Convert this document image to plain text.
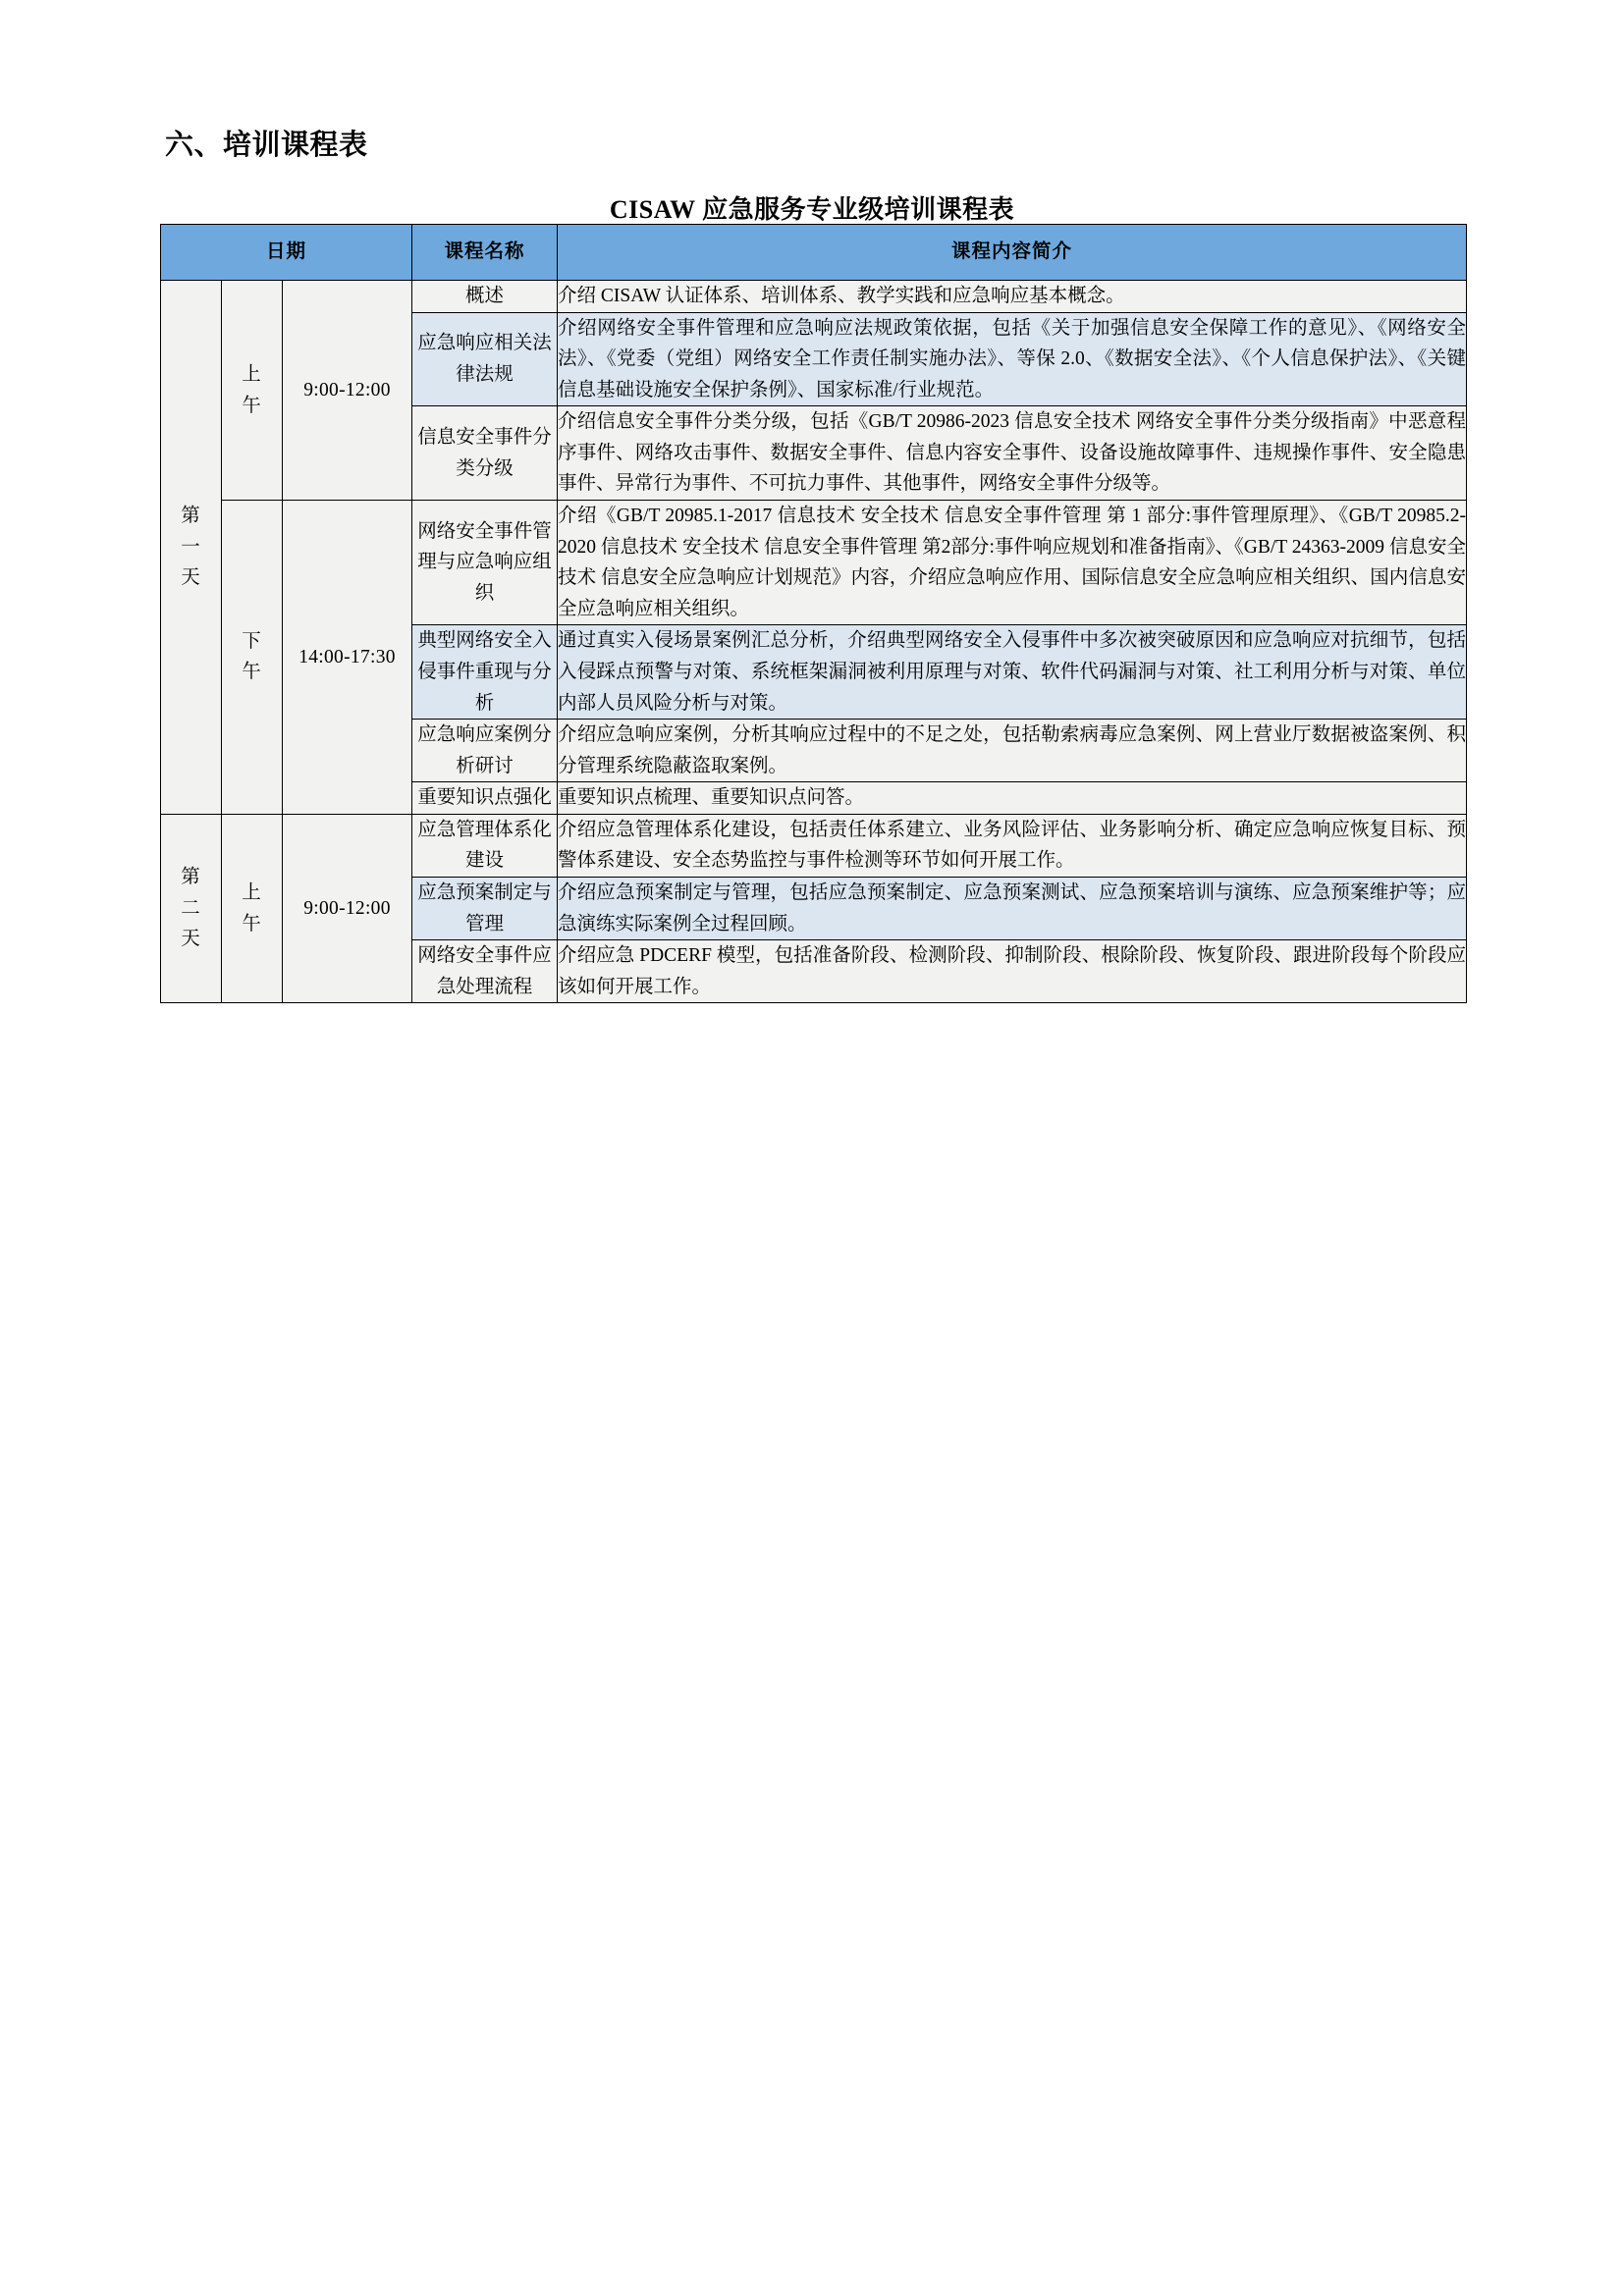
六、培训课程表
CISAW 应急服务专业级培训课程表
日期			课程名称	课程内容简介
第一天	上午	9:00-12:00	概述	介绍 CISAW 认证体系、培训体系、教学实践和应急响应基本概念。
			应急响应相关法律法规	介绍网络安全事件管理和应急响应法规政策依据，包括《关于加强信息安全保障工作的意见》、《网络安全法》、《党委（党组）网络安全工作责任制实施办法》、等保 2.0、《数据安全法》、《个人信息保护法》、《关键信息基础设施安全保护条例》、国家标准/行业规范。
			信息安全事件分类分级	介绍信息安全事件分类分级，包括《GB/T 20986-2023 信息安全技术 网络安全事件分类分级指南》中恶意程序事件、网络攻击事件、数据安全事件、信息内容安全事件、设备设施故障事件、违规操作事件、安全隐患事件、异常行为事件、不可抗力事件、其他事件，网络安全事件分级等。
	下午	14:00-17:30	网络安全事件管理与应急响应组织	介绍《GB/T 20985.1-2017 信息技术 安全技术 信息安全事件管理 第 1 部分:事件管理原理》、《GB/T 20985.2-2020 信息技术 安全技术 信息安全事件管理 第2部分:事件响应规划和准备指南》、《GB/T 24363-2009 信息安全技术 信息安全应急响应计划规范》内容，介绍应急响应作用、国际信息安全应急响应相关组织、国内信息安全应急响应相关组织。
			典型网络安全入侵事件重现与分析	通过真实入侵场景案例汇总分析，介绍典型网络安全入侵事件中多次被突破原因和应急响应对抗细节，包括入侵踩点预警与对策、系统框架漏洞被利用原理与对策、软件代码漏洞与对策、社工利用分析与对策、单位内部人员风险分析与对策。
			应急响应案例分析研讨	介绍应急响应案例，分析其响应过程中的不足之处，包括勒索病毒应急案例、网上营业厅数据被盗案例、积分管理系统隐蔽盗取案例。
			重要知识点强化	重要知识点梳理、重要知识点问答。
第二天	上午	9:00-12:00	应急管理体系化建设	介绍应急管理体系化建设，包括责任体系建立、业务风险评估、业务影响分析、确定应急响应恢复目标、预警体系建设、安全态势监控与事件检测等环节如何开展工作。
			应急预案制定与管理	介绍应急预案制定与管理，包括应急预案制定、应急预案测试、应急预案培训与演练、应急预案维护等；应急演练实际案例全过程回顾。
			网络安全事件应急处理流程	介绍应急 PDCERF 模型，包括准备阶段、检测阶段、抑制阶段、根除阶段、恢复阶段、跟进阶段每个阶段应该如何开展工作。
